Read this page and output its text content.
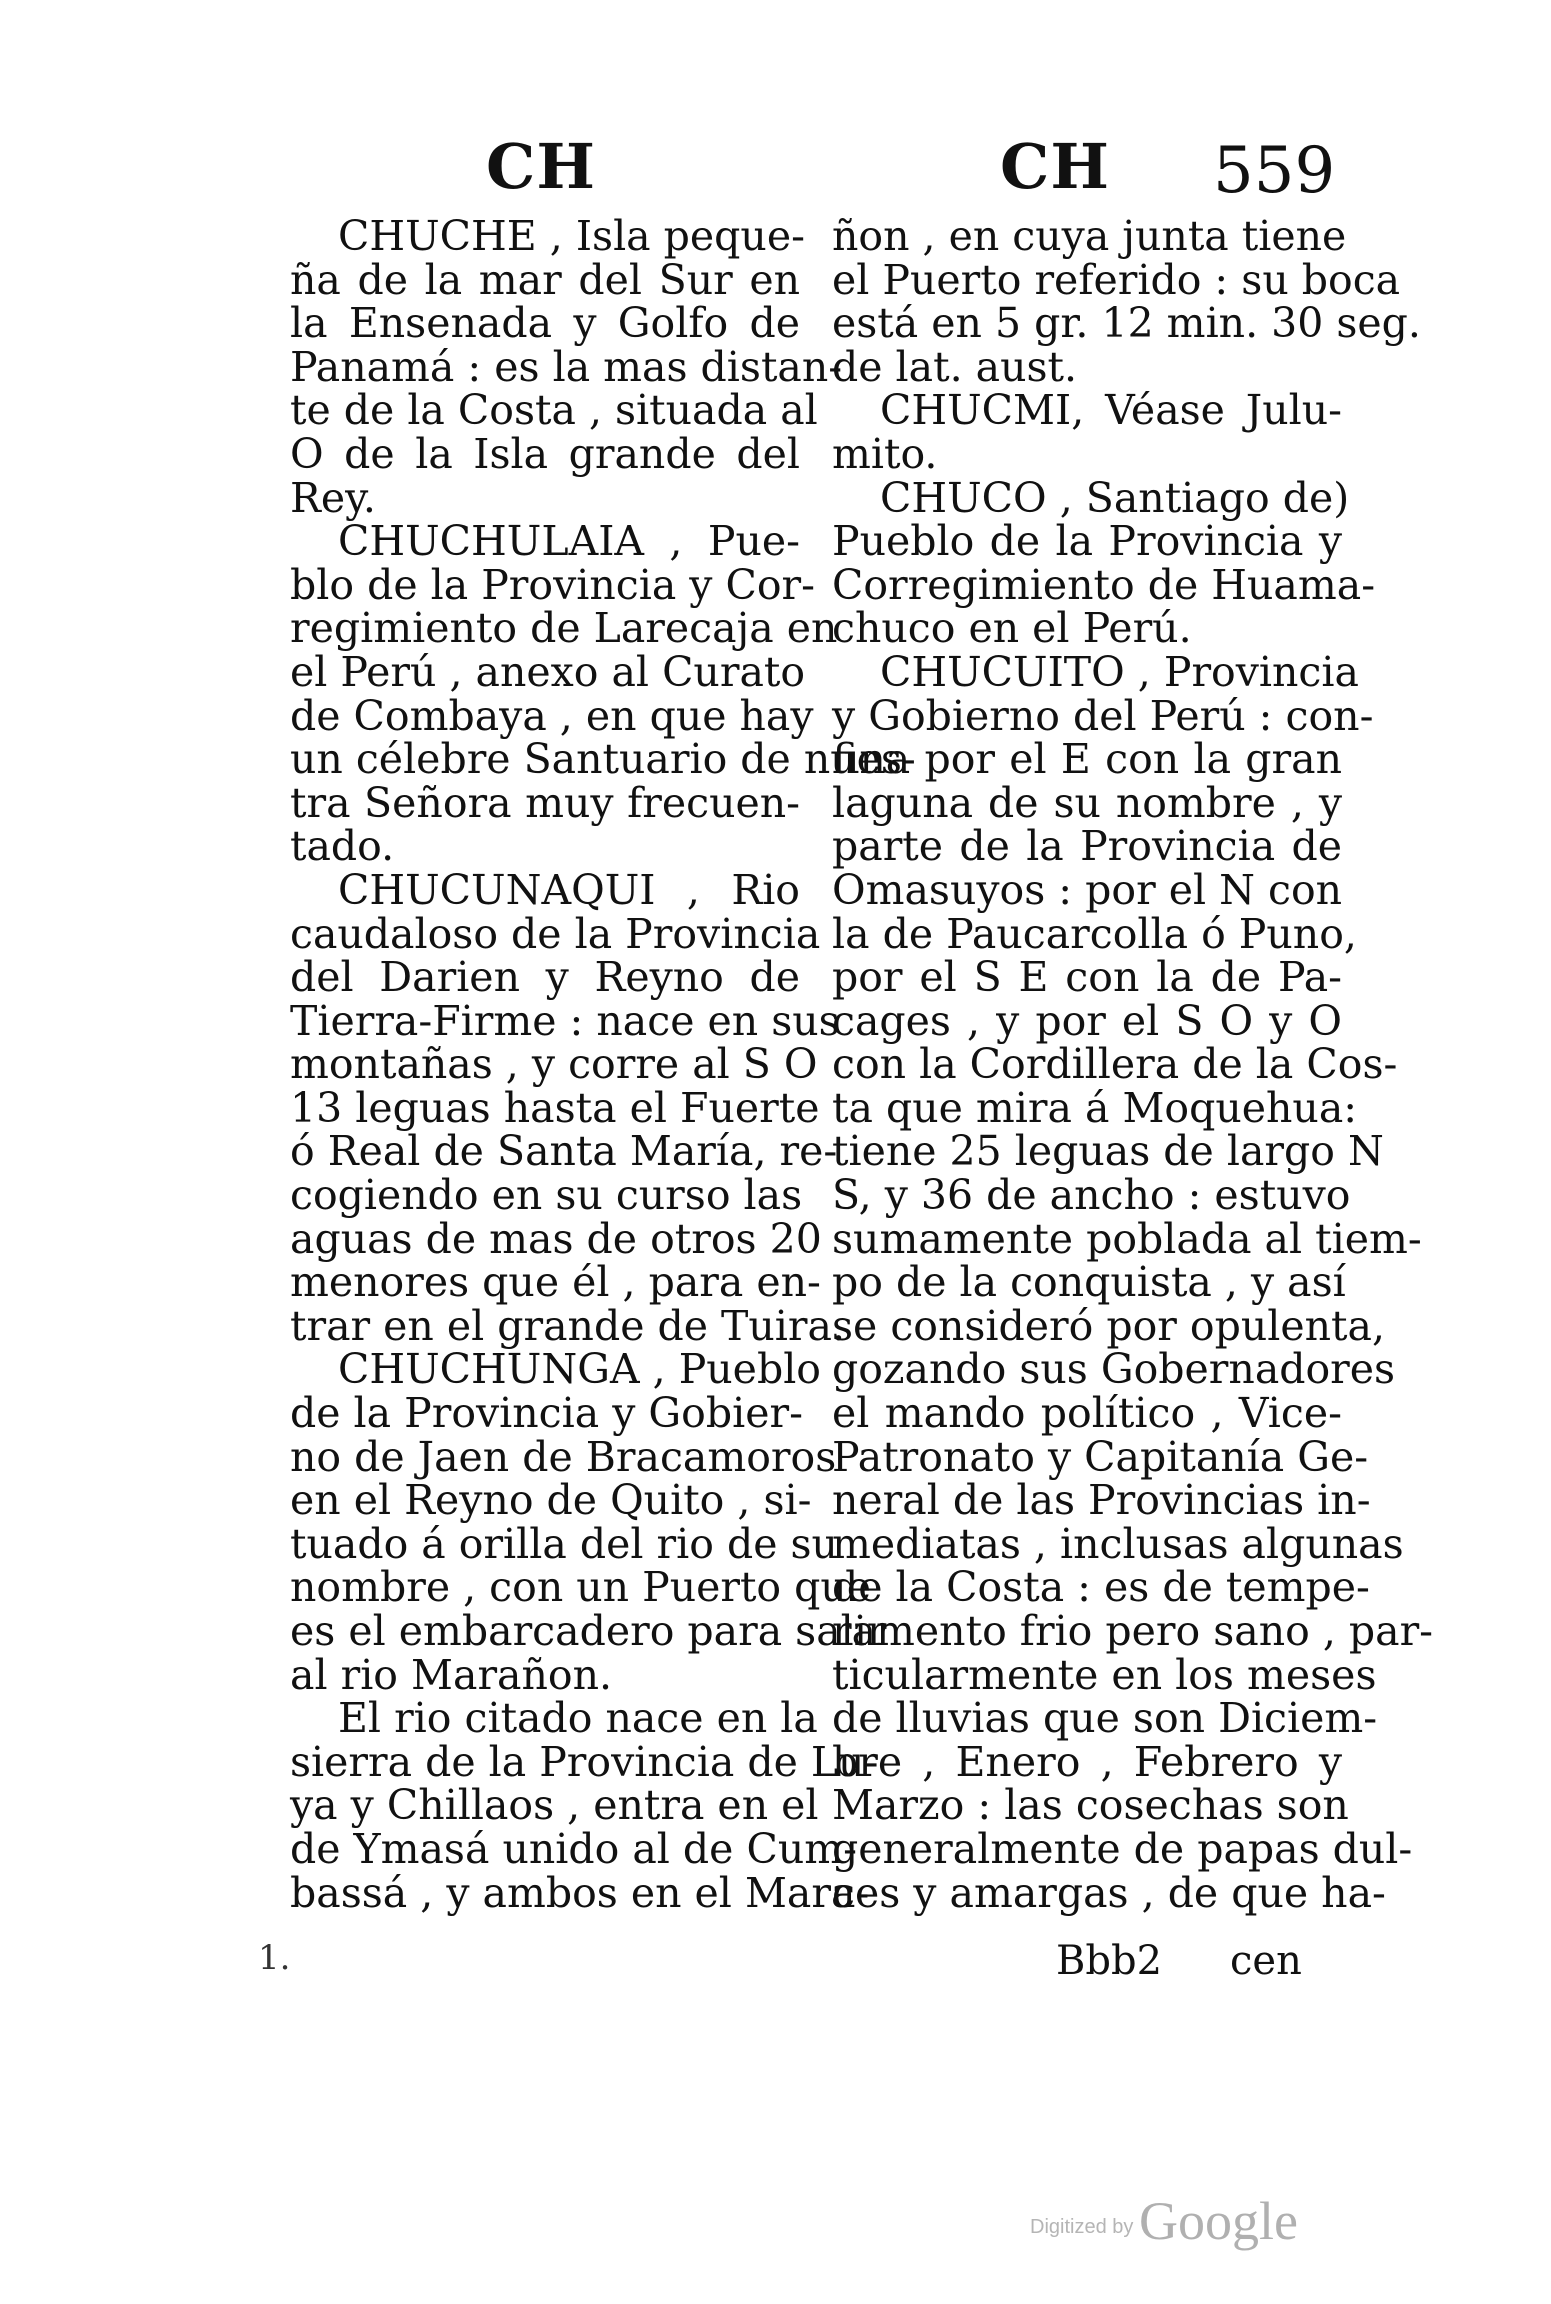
CH	CH 559
CHUCHE , Isla peque-
ña de la mar del Sur en
la Ensenada y Golfo de
Panamá : es la mas distan-
te de la Costa , situada al
O de la Isla grande del
Rey.
CHUCHULAIA , Pue-
blo de la Provincia y Cor-
regimiento de Larecaja en
el Perú , anexo al Curato
de Combaya , en que hay
un célebre Santuario de nues-
tra Señora muy frecuen-
tado.
CHUCUNAQUI , Rio
caudaloso de la Provincia
del Darien y Reyno de
Tierra-Firme : nace en sus
montañas , y corre al S O
13 leguas hasta el Fuerte
ó Real de Santa María, re-
cogiendo en su curso las
aguas de mas de otros 20
menores que él , para en-
trar en el grande de Tuira.
CHUCHUNGA , Pueblo
de la Provincia y Gobier-
no de Jaen de Bracamoros
en el Reyno de Quito , si-
tuado á orilla del rio de su
nombre , con un Puerto que
es el embarcadero para salir
al rio Marañon.
El rio citado nace en la
sierra de la Provincia de Lu-
ya y Chillaos , entra en el
de Ymasá unido al de Cum-
bassá , y ambos en el Mara-
ñon , en cuya junta tiene
el Puerto referido : su boca
está en 5 gr. 12 min. 30 seg.
de lat. aust.
CHUCMI, Véase Julu-
mito.
CHUCO , Santiago de)
Pueblo de la Provincia y
Corregimiento de Huama-
chuco en el Perú.
CHUCUITO , Provincia
y Gobierno del Perú : con-
fina por el E con la gran
laguna de su nombre , y
parte de la Provincia de
Omasuyos : por el N con
la de Paucarcolla ó Puno,
por el S E con la de Pa-
cages , y por el S O y O
con la Cordillera de la Cos-
ta que mira á Moquehua:
tiene 25 leguas de largo N
S, y 36 de ancho : estuvo
sumamente poblada al tiem-
po de la conquista , y así
se consideró por opulenta,
gozando sus Gobernadores
el mando político , Vice-
Patronato y Capitanía Ge-
neral de las Provincias in-
mediatas , inclusas algunas
de la Costa : es de tempe-
ramento frio pero sano , par-
ticularmente en los meses
de lluvias que son Diciem-
bre , Enero , Febrero y
Marzo : las cosechas son
generalmente de papas dul-
ces y amargas , de que ha-
1.	Bbb2 cen
Digitized by Google
